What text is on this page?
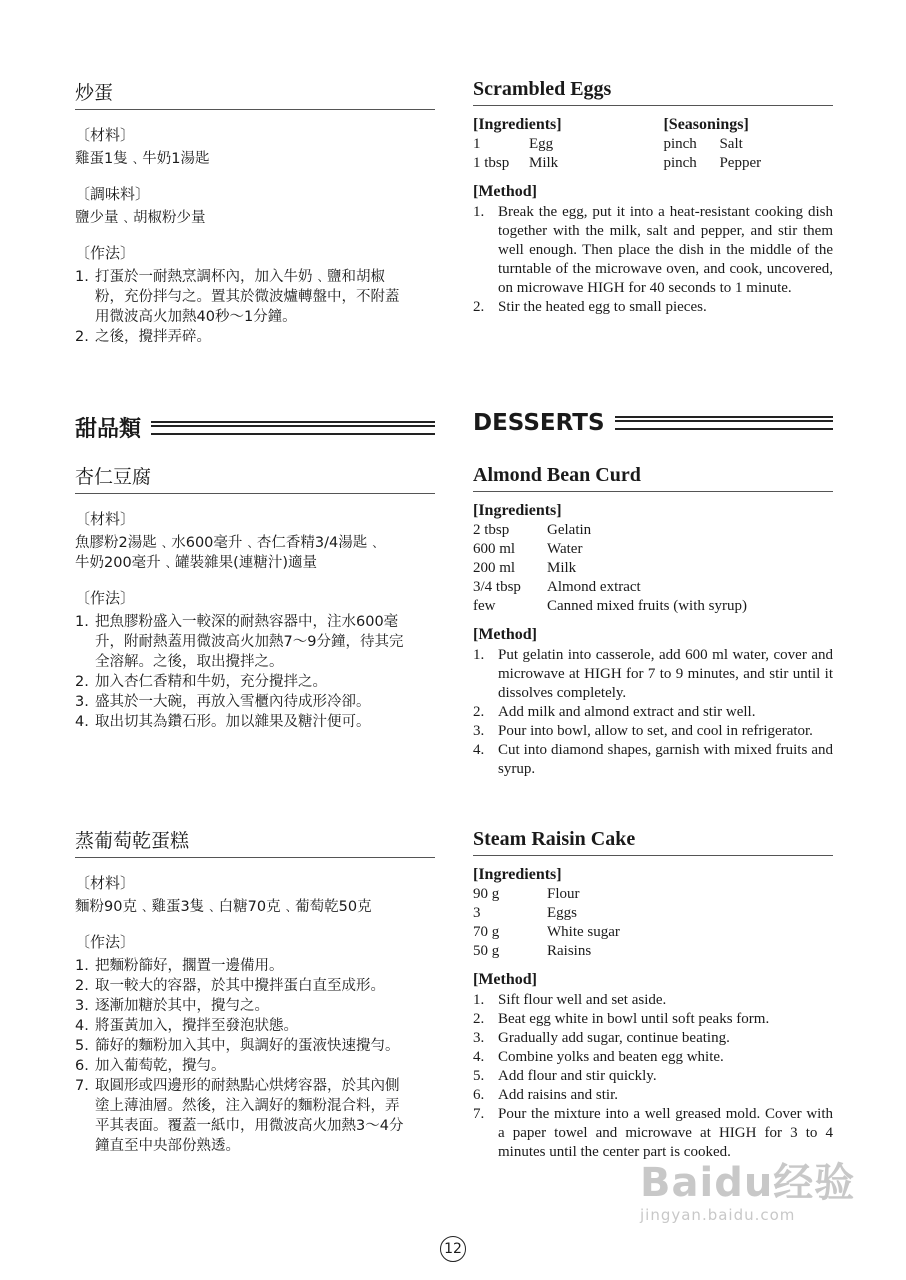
炒蛋
〔材料〕
雞蛋1隻﹑牛奶1湯匙
〔調味料〕
鹽少量﹑胡椒粉少量
〔作法〕
1. 打蛋於一耐熱烹調杯內，加入牛奶﹑鹽和胡椒
粉，充份拌勻之。置其於微波爐轉盤中，不附蓋
用微波高火加熱40秒～1分鐘。
2. 之後，攪拌弄碎。
甜品類
杏仁豆腐
〔材料〕
魚膠粉2湯匙﹑水600毫升﹑杏仁香精3/4湯匙﹑
牛奶200毫升﹑罐裝雜果(連糖汁)適量
〔作法〕
1. 把魚膠粉盛入一較深的耐熱容器中，注水600毫
升，附耐熱蓋用微波高火加熱7～9分鐘，待其完
全溶解。之後，取出攪拌之。
2. 加入杏仁香精和牛奶，充分攪拌之。
3. 盛其於一大碗，再放入雪櫃內待成形冷卻。
4. 取出切其為鑽石形。加以雜果及糖汁便可。
蒸葡萄乾蛋糕
〔材料〕
麵粉90克﹑雞蛋3隻﹑白糖70克﹑葡萄乾50克
〔作法〕
1. 把麵粉篩好，擱置一邊備用。
2. 取一較大的容器，於其中攪拌蛋白直至成形。
3. 逐漸加糖於其中，攪勻之。
4. 將蛋黃加入，攪拌至發泡狀態。
5. 篩好的麵粉加入其中，與調好的蛋液快速攪勻。
6. 加入葡萄乾，攪勻。
7. 取圓形或四邊形的耐熱點心烘烤容器，於其內側
塗上薄油層。然後，注入調好的麵粉混合料，弄
平其表面。覆蓋一紙巾，用微波高火加熱3～4分
鐘直至中央部份熟透。
Scrambled Eggs
[Ingredients]
1	Egg
1 tbsp	Milk
[Seasonings]
pinch	Salt
pinch	Pepper
[Method]
1. Break the egg, put it into a heat-resistant cooking dish together with the milk, salt and pepper, and stir them well enough. Then place the dish in the middle of the turntable of the microwave oven, and cook, uncovered, on microwave HIGH for 40 seconds to 1 minute.
2. Stir the heated egg to small pieces.
DESSERTS
Almond Bean Curd
[Ingredients]
2 tbsp	Gelatin
600 ml	Water
200 ml	Milk
3/4 tbsp	Almond extract
few	Canned mixed fruits (with syrup)
[Method]
1. Put gelatin into casserole, add 600 ml water, cover and microwave at HIGH for 7 to 9 minutes, and stir until it dissolves completely.
2. Add milk and almond extract and stir well.
3. Pour into bowl, allow to set, and cool in refrigerator.
4. Cut into diamond shapes, garnish with mixed fruits and syrup.
Steam Raisin Cake
[Ingredients]
90 g	Flour
3	Eggs
70 g	White sugar
50 g	Raisins
[Method]
1. Sift flour well and set aside.
2. Beat egg white in bowl until soft peaks form.
3. Gradually add sugar, continue beating.
4. Combine yolks and beaten egg white.
5. Add flour and stir quickly.
6. Add raisins and stir.
7. Pour the mixture into a well greased mold. Cover with a paper towel and microwave at HIGH for 3 to 4 minutes until the center part is cooked.
12
Baidu经验
jingyan.baidu.com
